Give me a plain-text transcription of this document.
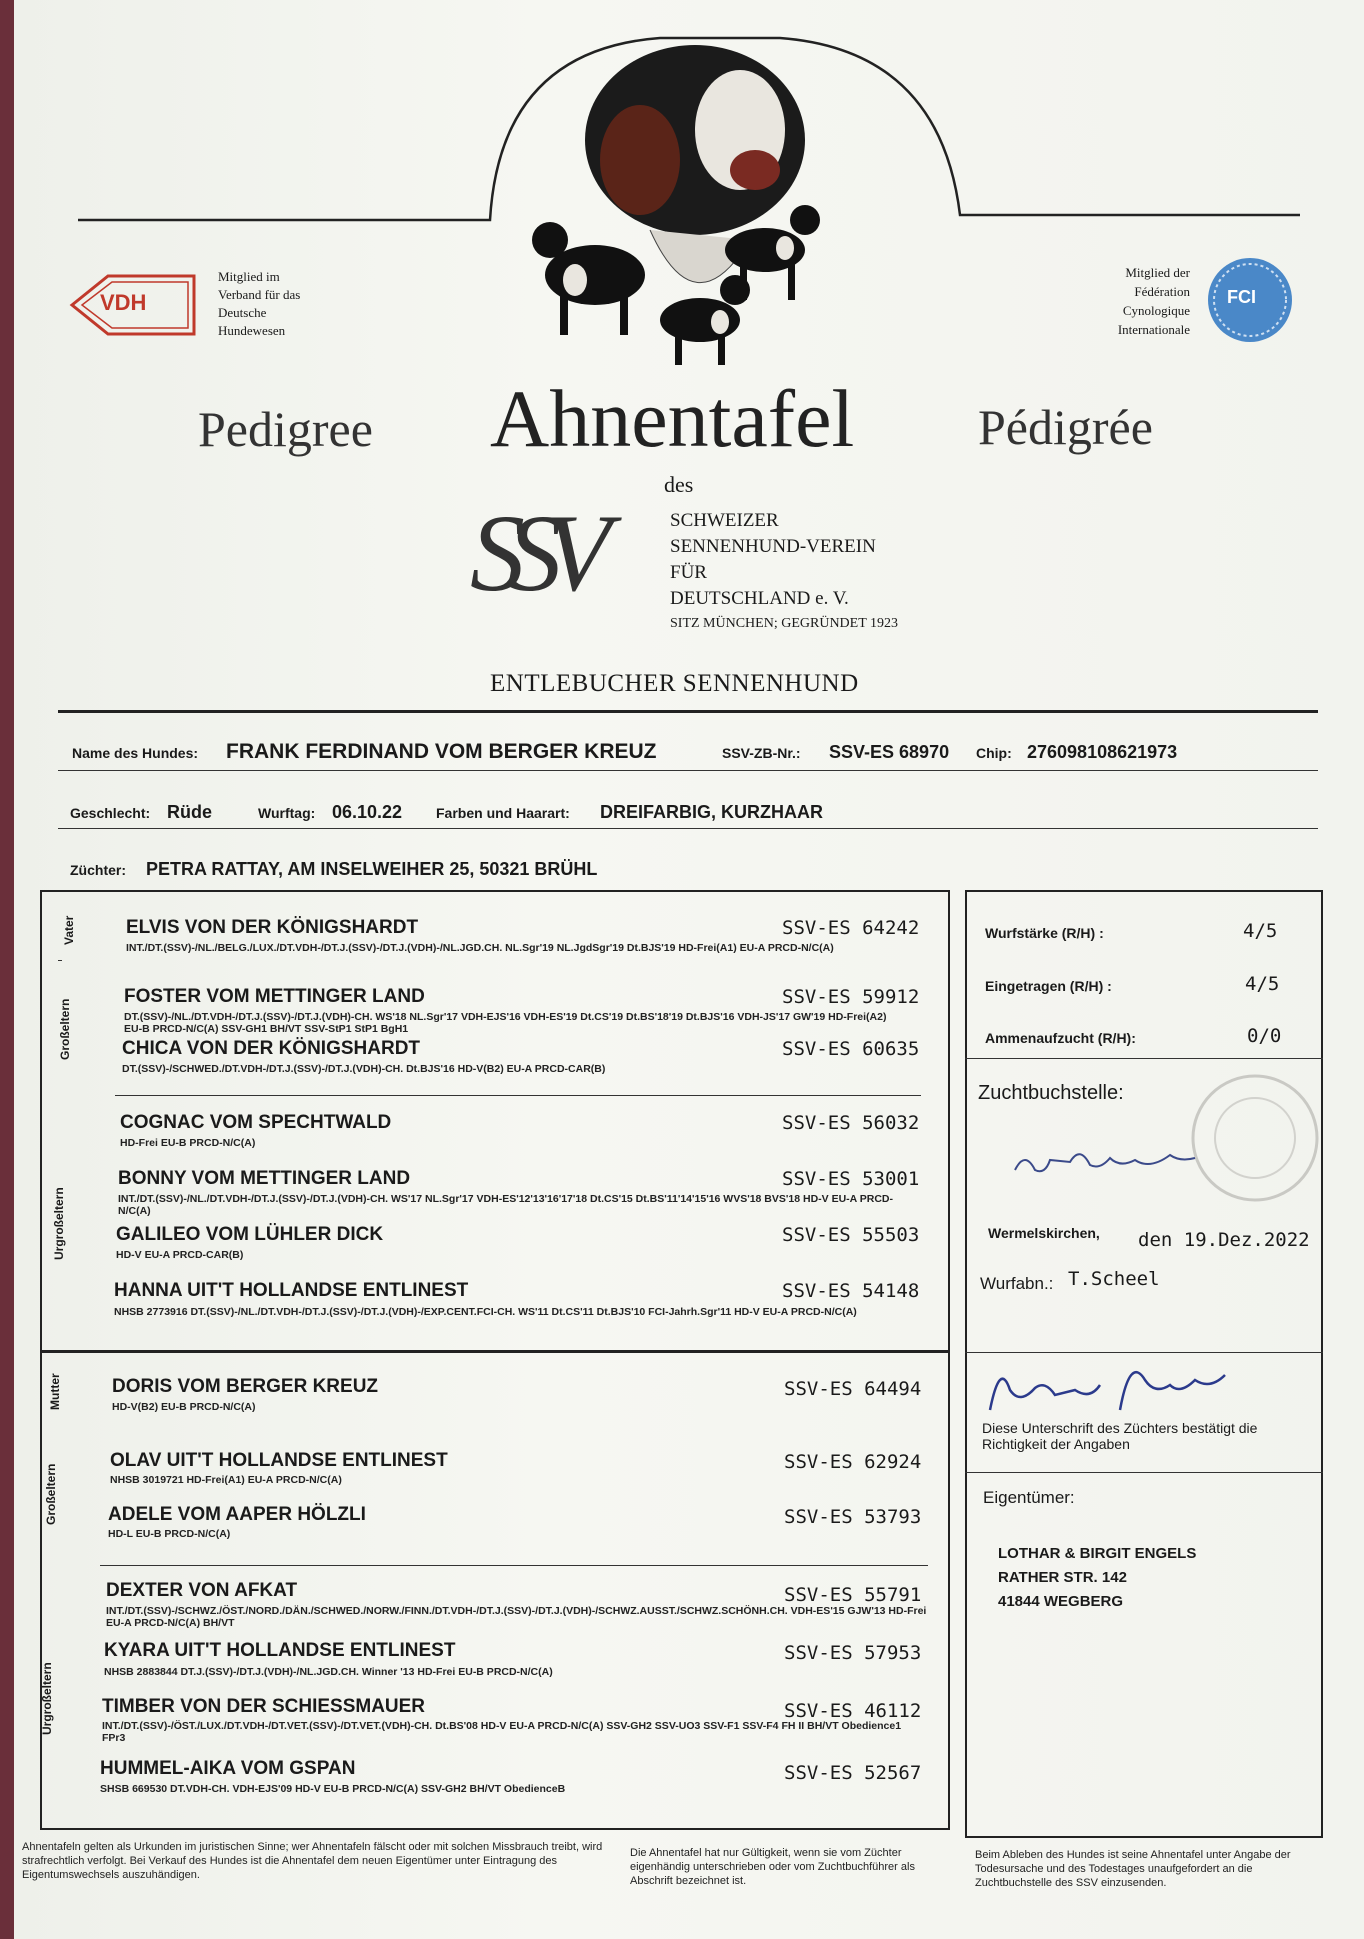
VDH
Mitglied im
Verband für das
Deutsche
Hundewesen
Mitglied der
Fédération
Cynologique
Internationale
FCI
Pedigree Ahnentafel Pédigrée
des
SSV	SCHWEIZER
SENNENHUND-VEREIN
FÜR
DEUTSCHLAND e. V.
SITZ MÜNCHEN; GEGRÜNDET 1923
ENTLEBUCHER SENNENHUND
Name des Hundes: FRANK FERDINAND VOM BERGER KREUZ	SSV-ZB-Nr.: SSV-ES 68970 Chip: 276098108621973
Geschlecht: Rüde	Wurftag: 06.10.22 Farben und Haarart: DREIFARBIG, KURZHAAR
Züchter: PETRA RATTAY, AM INSELWEIHER 25, 50321 BRÜHL
Vater
Großeltern
Urgroßeltern
Mutter
Großeltern
Urgroßeltern
ELVIS VON DER KÖNIGSHARDT	SSV-ES 64242
INT./DT.(SSV)-/NL./BELG./LUX./DT.VDH-/DT.J.(SSV)-/DT.J.(VDH)-/NL.JGD.CH. NL.Sgr'19 NL.JgdSgr'19 Dt.BJS'19 HD-Frei(A1) EU-A PRCD-N/C(A)
FOSTER VOM METTINGER LAND	SSV-ES 59912
DT.(SSV)-/NL./DT.VDH-/DT.J.(SSV)-/DT.J.(VDH)-CH. WS'18 NL.Sgr'17 VDH-EJS'16 VDH-ES'19 Dt.CS'19 Dt.BS'18'19 Dt.BJS'16 VDH-JS'17 GW'19 HD-Frei(A2) EU-B PRCD-N/C(A) SSV-GH1 BH/VT SSV-StP1 StP1 BgH1
CHICA VON DER KÖNIGSHARDT	SSV-ES 60635
DT.(SSV)-/SCHWED./DT.VDH-/DT.J.(SSV)-/DT.J.(VDH)-CH. Dt.BJS'16 HD-V(B2) EU-A PRCD-CAR(B)
COGNAC VOM SPECHTWALD	SSV-ES 56032
HD-Frei EU-B PRCD-N/C(A)
BONNY VOM METTINGER LAND	SSV-ES 53001
INT./DT.(SSV)-/NL./DT.VDH-/DT.J.(SSV)-/DT.J.(VDH)-CH. WS'17 NL.Sgr'17 VDH-ES'12'13'16'17'18 Dt.CS'15 Dt.BS'11'14'15'16 WVS'18 BVS'18 HD-V EU-A PRCD-N/C(A)
GALILEO VOM LÜHLER DICK	SSV-ES 55503
HD-V EU-A PRCD-CAR(B)
HANNA UIT'T HOLLANDSE ENTLINEST	SSV-ES 54148
NHSB 2773916 DT.(SSV)-/NL./DT.VDH-/DT.J.(SSV)-/DT.J.(VDH)-/EXP.CENT.FCI-CH. WS'11 Dt.CS'11 Dt.BJS'10 FCI-Jahrh.Sgr'11 HD-V EU-A PRCD-N/C(A)
DORIS VOM BERGER KREUZ	SSV-ES 64494
HD-V(B2) EU-B PRCD-N/C(A)
OLAV UIT'T HOLLANDSE ENTLINEST	SSV-ES 62924
NHSB 3019721 HD-Frei(A1) EU-A PRCD-N/C(A)
ADELE VOM AAPER HÖLZLI	SSV-ES 53793
HD-L EU-B PRCD-N/C(A)
DEXTER VON AFKAT	SSV-ES 55791
INT./DT.(SSV)-/SCHWZ./ÖST./NORD./DÄN./SCHWED./NORW./FINN./DT.VDH-/DT.J.(SSV)-/DT.J.(VDH)-/SCHWZ.AUSST./SCHWZ.SCHÖNH.CH. VDH-ES'15 GJW'13 HD-Frei EU-A PRCD-N/C(A) BH/VT
KYARA UIT'T HOLLANDSE ENTLINEST	SSV-ES 57953
NHSB 2883844 DT.J.(SSV)-/DT.J.(VDH)-/NL.JGD.CH. Winner '13 HD-Frei EU-B PRCD-N/C(A)
TIMBER VON DER SCHIESSMAUER	SSV-ES 46112
INT./DT.(SSV)-/ÖST./LUX./DT.VDH-/DT.VET.(SSV)-/DT.VET.(VDH)-CH. Dt.BS'08 HD-V EU-A PRCD-N/C(A) SSV-GH2 SSV-UO3 SSV-F1 SSV-F4 FH II BH/VT Obedience1 FPr3
HUMMEL-AIKA VOM GSPAN	SSV-ES 52567
SHSB 669530 DT.VDH-CH. VDH-EJS'09 HD-V EU-B PRCD-N/C(A) SSV-GH2 BH/VT ObedienceB
Wurfstärke (R/H) :	4/5
Eingetragen (R/H) :	4/5
Ammenaufzucht (R/H):	0/0
Zuchtbuchstelle:
Wermelskirchen, den 19.Dez.2022
Wurfabn.: T.Scheel
Diese Unterschrift des Züchters bestätigt die Richtigkeit der Angaben
Eigentümer:
LOTHAR & BIRGIT ENGELS
RATHER STR. 142
41844 WEGBERG
Ahnentafeln gelten als Urkunden im juristischen Sinne; wer Ahnentafeln fälscht oder mit solchen Missbrauch treibt, wird strafrechtlich verfolgt. Bei Verkauf des Hundes ist die Ahnentafel dem neuen Eigentümer unter Eintragung des Eigentumswechsels auszuhändigen.
Die Ahnentafel hat nur Gültigkeit, wenn sie vom Züchter eigenhändig unterschrieben oder vom Zuchtbuchführer als Abschrift bezeichnet ist.
Beim Ableben des Hundes ist seine Ahnentafel unter Angabe der Todesursache und des Todestages unaufgefordert an die Zuchtbuchstelle des SSV einzusenden.
